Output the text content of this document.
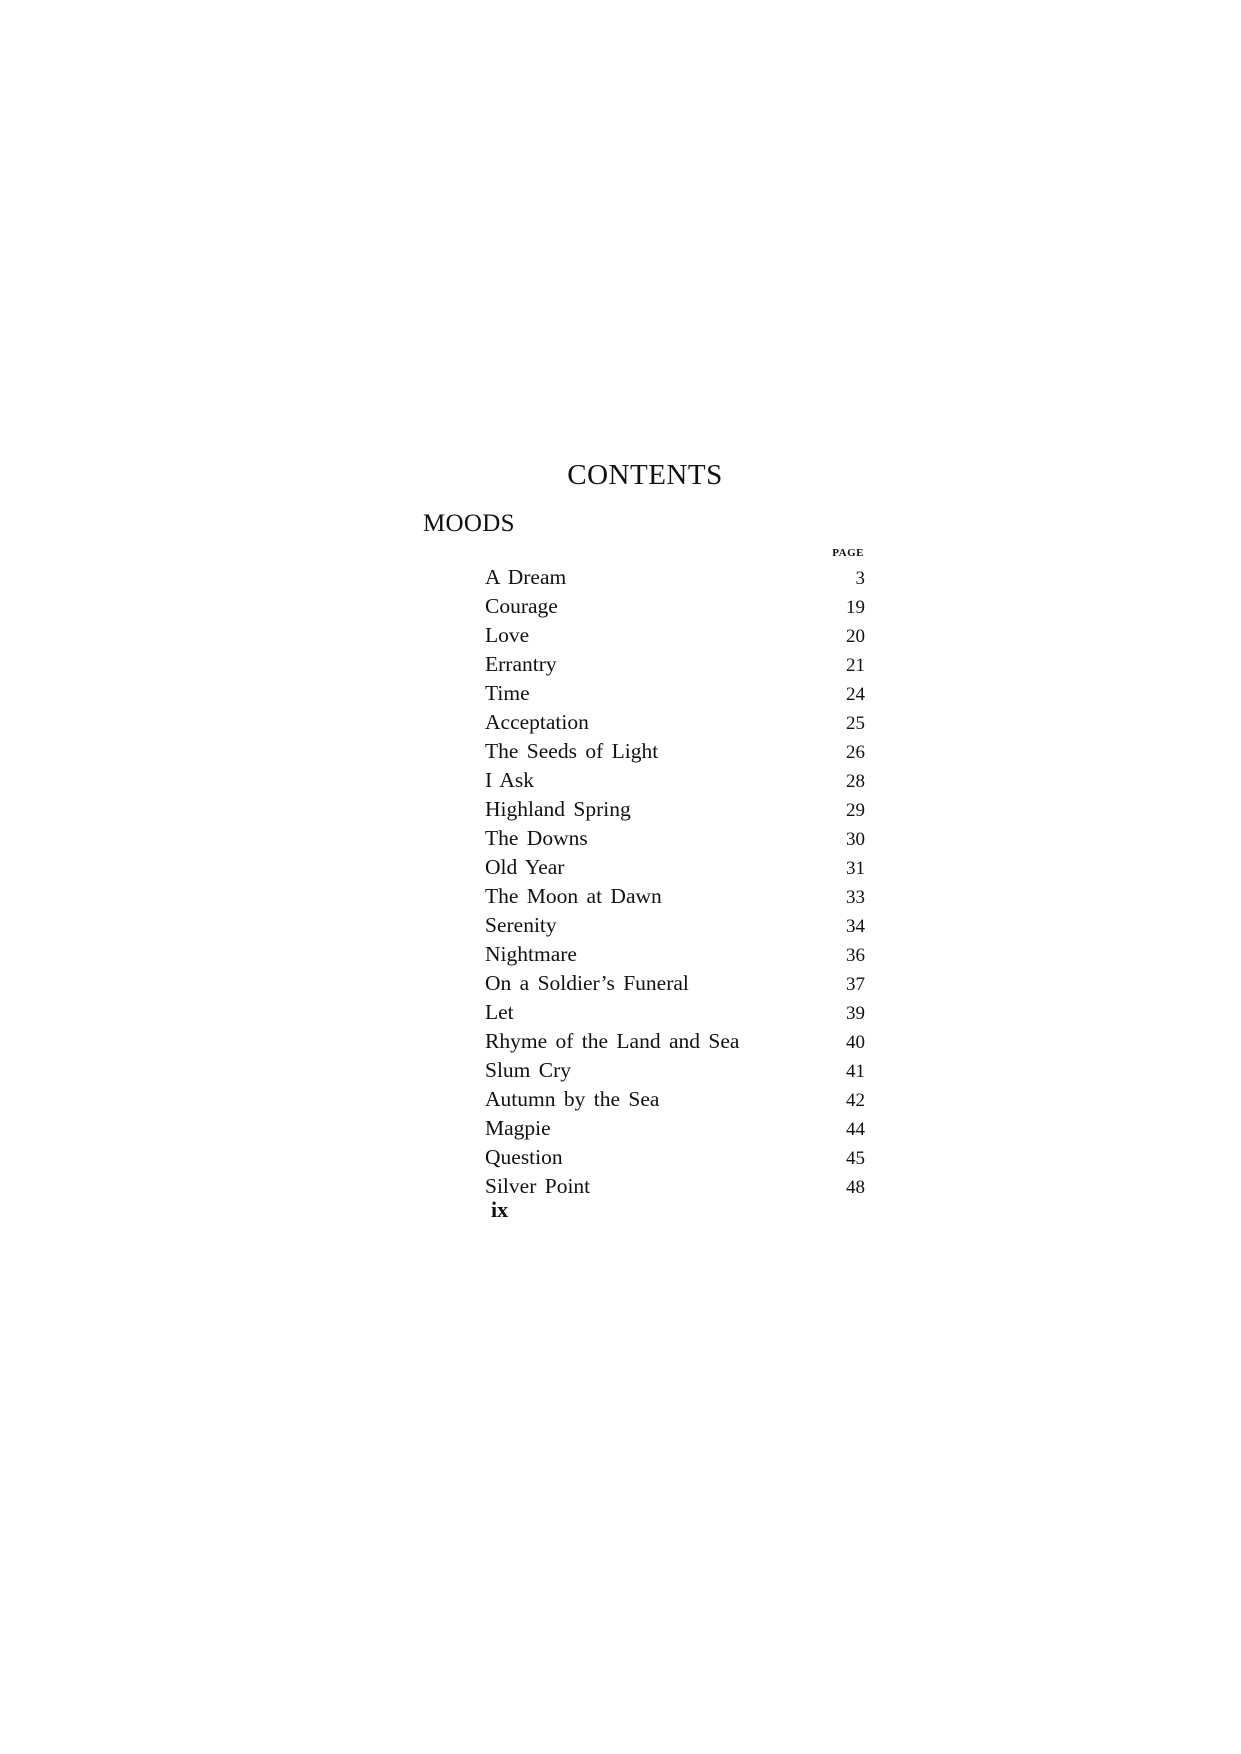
CONTENTS
MOODS
PAGE
A Dream	3
Courage	19
Love	20
Errantry	21
Time	24
Acceptation	25
The Seeds of Light	26
I Ask	28
Highland Spring	29
The Downs	30
Old Year	31
The Moon at Dawn	33
Serenity	34
Nightmare	36
On a Soldier’s Funeral	37
Let	39
Rhyme of the Land and Sea	40
Slum Cry	41
Autumn by the Sea	42
Magpie	44
Question	45
Silver Point	48
ix
